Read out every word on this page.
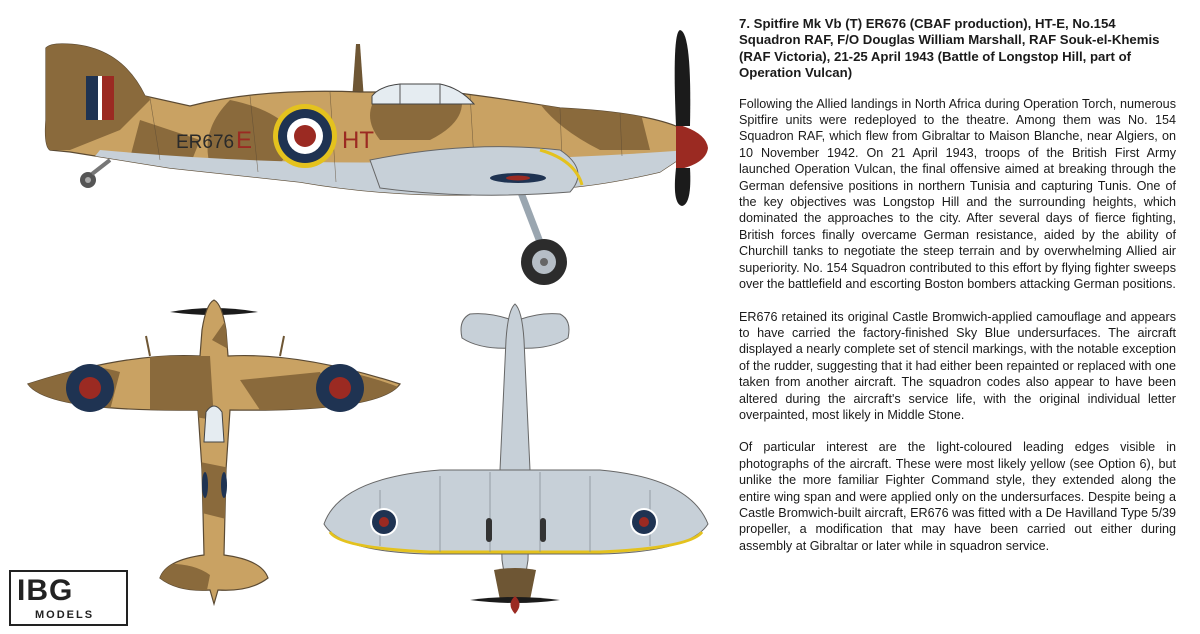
ER676 E	HT
IBG
MODELS

7. Spitfire Mk Vb (T) ER676 (CBAF production), HT-E, No.154 Squadron RAF, F/O Douglas William Marshall, RAF Souk-el-Khemis (RAF Victoria), 21-25 April 1943 (Battle of Longstop Hill, part of Operation Vulcan)

Following the Allied landings in North Africa during Operation Torch, numerous Spitfire units were redeployed to the theatre. Among them was No. 154 Squadron RAF, which flew from Gibraltar to Maison Blanche, near Algiers, on 10 November 1942. On 21 April 1943, troops of the British First Army launched Operation Vulcan, the final offensive aimed at breaking through the German defensive positions in northern Tunisia and capturing Tunis. One of the key objectives was Longstop Hill and the surrounding heights, which dominated the approaches to the city. After several days of fierce fighting, British forces finally overcame German resistance, aided by the ability of Churchill tanks to negotiate the steep terrain and by overwhelming Allied air superiority. No. 154 Squadron contributed to this effort by flying fighter sweeps over the battlefield and escorting Boston bombers attacking German positions.

ER676 retained its original Castle Bromwich-applied camouflage and appears to have carried the factory-finished Sky Blue undersurfaces. The aircraft displayed a nearly complete set of stencil markings, with the notable exception of the rudder, suggesting that it had either been repainted or replaced with one taken from another aircraft. The squadron codes also appear to have been altered during the aircraft's service life, with the original individual letter overpainted, most likely in Middle Stone.

Of particular interest are the light-coloured leading edges visible in photographs of the aircraft. These were most likely yellow (see Option 6), but unlike the more familiar Fighter Command style, they extended along the entire wing span and were applied only on the undersurfaces. Despite being a Castle Bromwich-built aircraft, ER676 was fitted with a De Havilland Type 5/39 propeller, a modification that may have been carried out either during assembly at Gibraltar or later while in squadron service.
